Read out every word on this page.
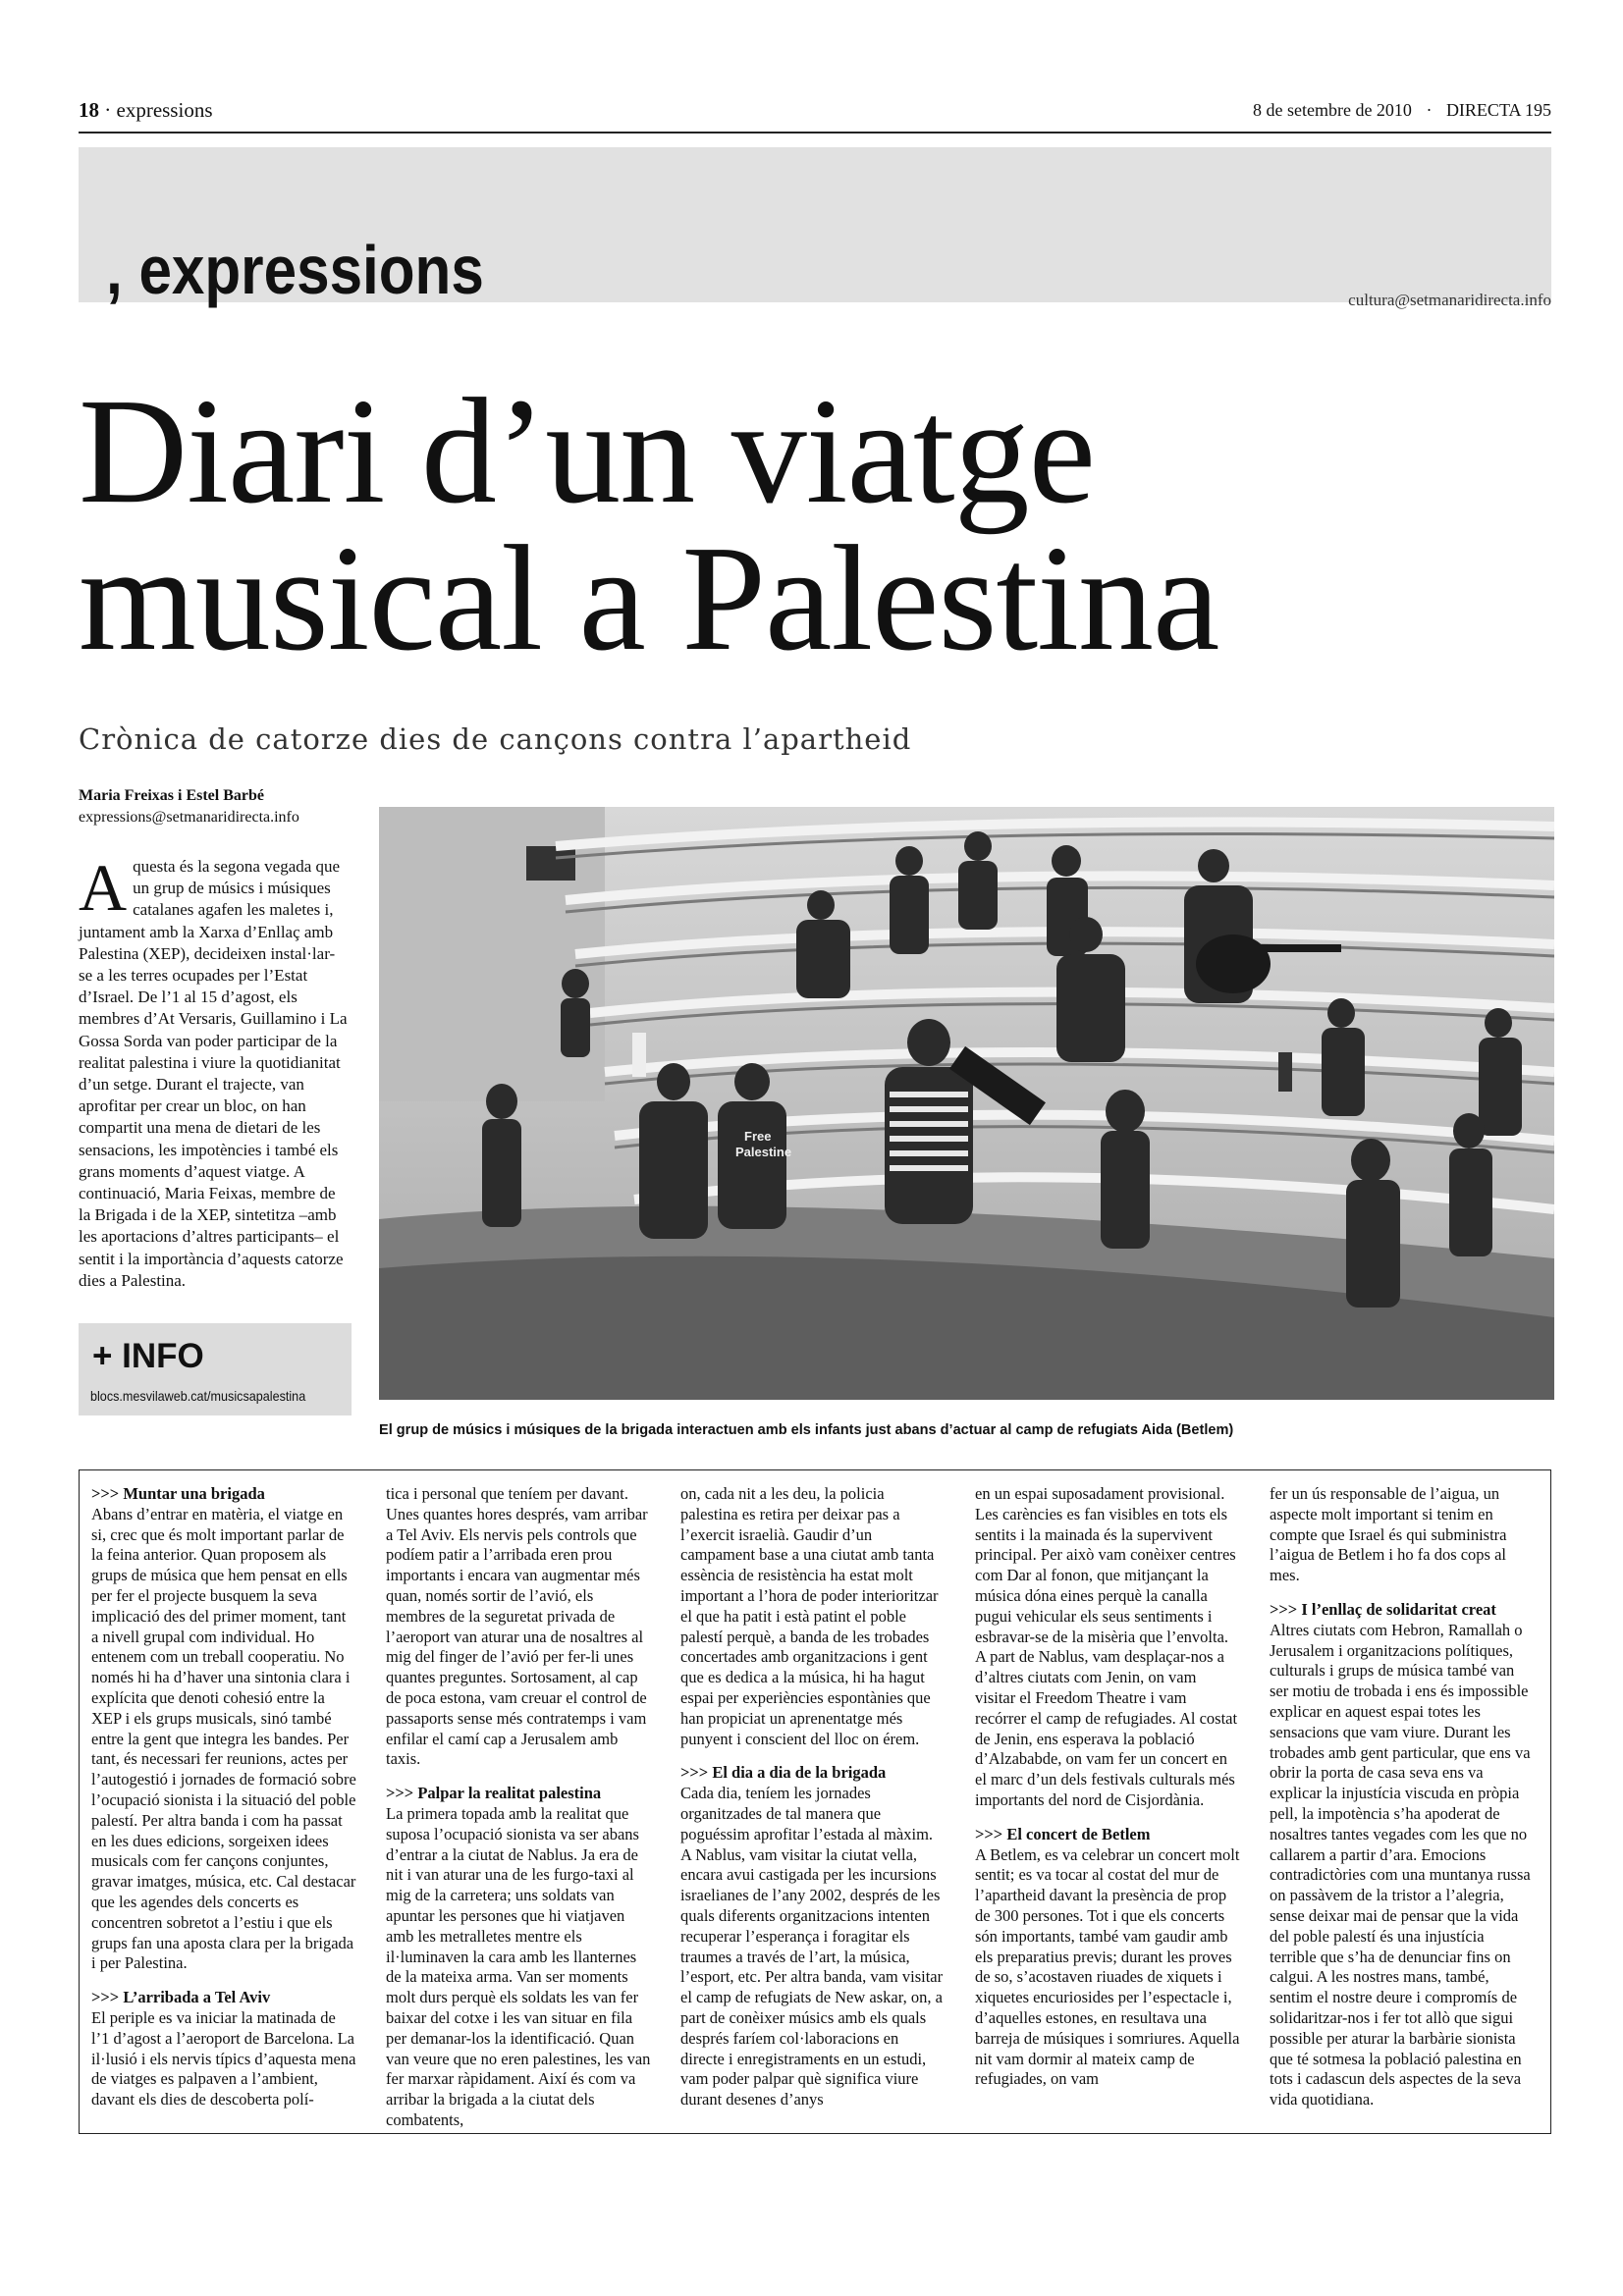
18 · expressions	8 de setembre de 2010 · DIRECTA 195
, expressions	cultura@setmanaridirecta.info
Diari d’un viatge
musical a Palestina
Crònica de catorze dies de cançons contra l’apartheid
Maria Freixas i Estel Barbé
expressions@setmanaridirecta.info
Aquesta és la segona vegada que un grup de músics i músiques catalanes agafen les maletes i, juntament amb la Xarxa d’Enllaç amb Palestina (XEP), decideixen instal·lar-se a les terres ocupades per l’Estat d’Israel. De l’1 al 15 d’agost, els membres d’At Versaris, Guillamino i La Gossa Sorda van poder participar de la realitat palestina i viure la quotidianitat d’un setge. Durant el trajecte, van aprofitar per crear un bloc, on han compartit una mena de dietari de les sensacions, les impotències i també els grans moments d’aquest viatge. A continuació, Maria Feixas, membre de la Brigada i de la XEP, sintetitza –amb les aportacions d’altres participants– el sentit i la importància d’aquests catorze dies a Palestina.
+ INFO
blocs.mesvilaweb.cat/musicsapalestina
Free
Palestine
El grup de músics i músiques de la brigada interactuen amb els infants just abans d’actuar al camp de refugiats Aida (Betlem)

>>> Muntar una brigada

Abans d’entrar en matèria, el viatge en si, crec que és molt important parlar de la feina anterior. Quan proposem als grups de música que hem pensat en ells per fer el projecte busquem la seva implicació des del primer moment, tant a nivell grupal com individual. Ho entenem com un treball cooperatiu. No només hi ha d’haver una sintonia clara i explícita que denoti cohesió entre la XEP i els grups musicals, sinó també entre la gent que integra les bandes. Per tant, és necessari fer reunions, actes per l’autogestió i jornades de formació sobre l’ocupació sionista i la situació del poble palestí. Per altra banda i com ha passat en les dues edicions, sorgeixen idees musicals com fer cançons conjuntes, gravar imatges, música, etc. Cal destacar que les agendes dels concerts es concentren sobretot a l’estiu i que els grups fan una aposta clara per la brigada i per Palestina.

>>> L’arribada a Tel Aviv

El periple es va iniciar la matinada de l’1 d’agost a l’aeroport de Barcelona. La il·lusió i els nervis típics d’aquesta mena de viatges es palpaven a l’ambient, davant els dies de descoberta polí-

tica i personal que teníem per davant. Unes quantes hores després, vam arribar a Tel Aviv. Els nervis pels controls que podíem patir a l’arribada eren prou importants i encara van augmentar més quan, només sortir de l’avió, els membres de la seguretat privada de l’aeroport van aturar una de nosaltres al mig del finger de l’avió per fer-li unes quantes preguntes. Sortosament, al cap de poca estona, vam creuar el control de passaports sense més contratemps i vam enfilar el camí cap a Jerusalem amb taxis.

>>> Palpar la realitat palestina

La primera topada amb la realitat que suposa l’ocupació sionista va ser abans d’entrar a la ciutat de Nablus. Ja era de nit i van aturar una de les furgo-taxi al mig de la carretera; uns soldats van apuntar les persones que hi viatjaven amb les metralletes mentre els il·luminaven la cara amb les llanternes de la mateixa arma. Van ser moments molt durs perquè els soldats les van fer baixar del cotxe i les van situar en fila per demanar-los la identificació. Quan van veure que no eren palestines, les van fer marxar ràpidament. Així és com va arribar la brigada a la ciutat dels combatents,

on, cada nit a les deu, la policia palestina es retira per deixar pas a l’exercit israelià. Gaudir d’un campament base a una ciutat amb tanta essència de resistència ha estat molt important a l’hora de poder interioritzar el que ha patit i està patint el poble palestí perquè, a banda de les trobades concertades amb organitzacions i gent que es dedica a la música, hi ha hagut espai per experiències espontànies que han propiciat un aprenentatge més punyent i conscient del lloc on érem.

>>> El dia a dia de la brigada

Cada dia, teníem les jornades organitzades de tal manera que poguéssim aprofitar l’estada al màxim. A Nablus, vam visitar la ciutat vella, encara avui castigada per les incursions israelianes de l’any 2002, després de les quals diferents organitzacions intenten recuperar l’esperança i foragitar els traumes a través de l’art, la música, l’esport, etc. Per altra banda, vam visitar el camp de refugiats de New askar, on, a part de conèixer músics amb els quals després faríem col·laboracions en directe i enregistraments en un estudi, vam poder palpar què significa viure durant desenes d’anys

en un espai suposadament provisional. Les carències es fan visibles en tots els sentits i la mainada és la supervivent principal. Per això vam conèixer centres com Dar al fonon, que mitjançant la música dóna eines perquè la canalla pugui vehicular els seus sentiments i esbravar-se de la misèria que l’envolta. A part de Nablus, vam desplaçar-nos a d’altres ciutats com Jenin, on vam visitar el Freedom Theatre i vam recórrer el camp de refugiades. Al costat de Jenin, ens esperava la població d’Alzababde, on vam fer un concert en el marc d’un dels festivals culturals més importants del nord de Cisjordània.

>>> El concert de Betlem

A Betlem, es va celebrar un concert molt sentit; es va tocar al costat del mur de l’apartheid davant la presència de prop de 300 persones. Tot i que els concerts són importants, també vam gaudir amb els preparatius previs; durant les proves de so, s’acostaven riuades de xiquets i xiquetes encuriosides per l’espectacle i, d’aquelles estones, en resultava una barreja de músiques i somriures. Aquella nit vam dormir al mateix camp de refugiades, on vam

fer un ús responsable de l’aigua, un aspecte molt important si tenim en compte que Israel és qui subministra l’aigua de Betlem i ho fa dos cops al mes.

>>> I l’enllaç de solidaritat creat

Altres ciutats com Hebron, Ramallah o Jerusalem i organitzacions polítiques, culturals i grups de música també van ser motiu de trobada i ens és impossible explicar en aquest espai totes les sensacions que vam viure. Durant les trobades amb gent particular, que ens va obrir la porta de casa seva ens va explicar la injustícia viscuda en pròpia pell, la impotència s’ha apoderat de nosaltres tantes vegades com les que no callarem a partir d’ara. Emocions contradictòries com una muntanya russa on passàvem de la tristor a l’alegria, sense deixar mai de pensar que la vida del poble palestí és una injustícia terrible que s’ha de denunciar fins on calgui. A les nostres mans, també, sentim el nostre deure i compromís de solidaritzar-nos i fer tot allò que sigui possible per aturar la barbàrie sionista que té sotmesa la població palestina en tots i cadascun dels aspectes de la seva vida quotidiana.
